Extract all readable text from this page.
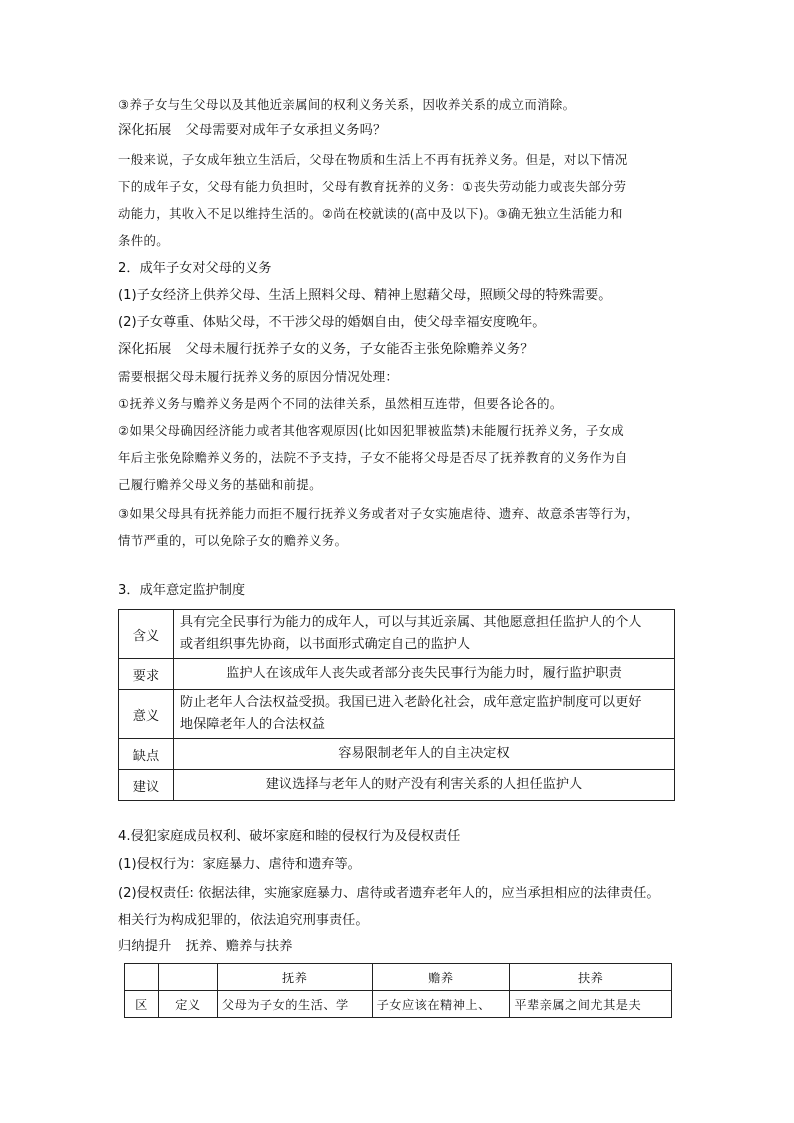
③养子女与生父母以及其他近亲属间的权利义务关系，因收养关系的成立而消除。
深化拓展 父母需要对成年子女承担义务吗？
一般来说，子女成年独立生活后，父母在物质和生活上不再有抚养义务。但是，对以下情况
下的成年子女，父母有能力负担时，父母有教育抚养的义务：①丧失劳动能力或丧失部分劳
动能力，其收入不足以维持生活的。②尚在校就读的(高中及以下)。③确无独立生活能力和
条件的。
2．成年子女对父母的义务
(1)子女经济上供养父母、生活上照料父母、精神上慰藉父母，照顾父母的特殊需要。
(2)子女尊重、体贴父母，不干涉父母的婚姻自由，使父母幸福安度晚年。
深化拓展 父母未履行抚养子女的义务，子女能否主张免除赡养义务？
需要根据父母未履行抚养义务的原因分情况处理：
①抚养义务与赡养义务是两个不同的法律关系，虽然相互连带，但要各论各的。
②如果父母确因经济能力或者其他客观原因(比如因犯罪被监禁)未能履行抚养义务，子女成
年后主张免除赡养义务的，法院不予支持，子女不能将父母是否尽了抚养教育的义务作为自
己履行赡养父母义务的基础和前提。
③如果父母具有抚养能力而拒不履行抚养义务或者对子女实施虐待、遗弃、故意杀害等行为，
情节严重的，可以免除子女的赡养义务。
3．成年意定监护制度
含义	具有完全民事行为能力的成年人，可以与其近亲属、其他愿意担任监护人的个人
或者组织事先协商，以书面形式确定自己的监护人

要求	监护人在该成年人丧失或者部分丧失民事行为能力时，履行监护职责

意义	防止老年人合法权益受损。我国已进入老龄化社会，成年意定监护制度可以更好
地保障老年人的合法权益

缺点	容易限制老年人的自主决定权

建议	建议选择与老年人的财产没有利害关系的人担任监护人
4.侵犯家庭成员权利、破坏家庭和睦的侵权行为及侵权责任
(1)侵权行为：家庭暴力、虐待和遗弃等。
(2)侵权责任: 依据法律，实施家庭暴力、虐待或者遗弃老年人的，应当承担相应的法律责任。
相关行为构成犯罪的，依法追究刑事责任。
归纳提升 抚养、赡养与扶养
		抚养	赡养	扶养
区	定义	父母为子女的生活、学	子女应该在精神上、	平辈亲属之间尤其是夫
